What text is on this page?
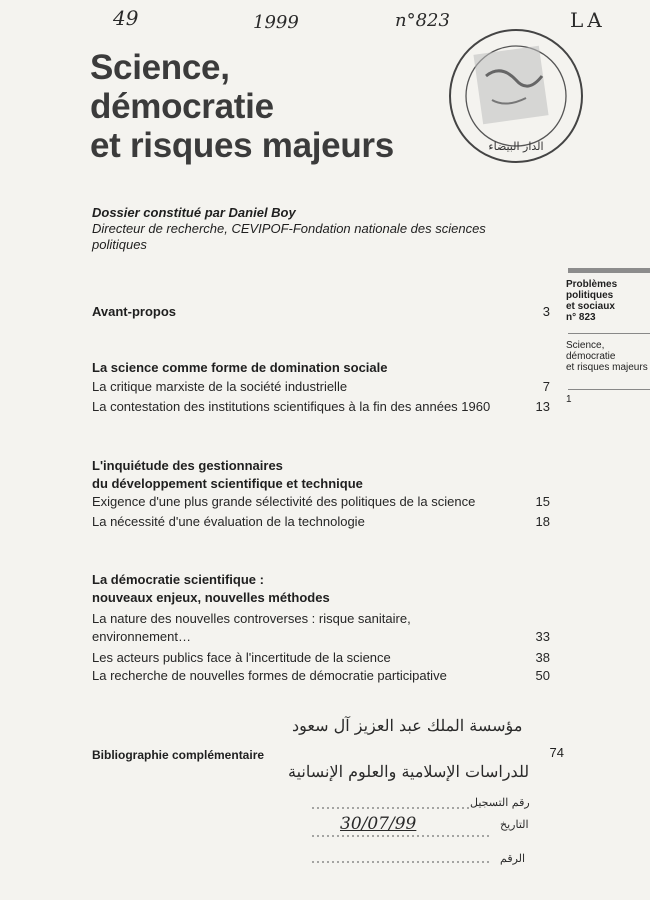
49	1999	n°823	LA
الدار البيضاء
Science,
démocratie
et risques majeurs
Dossier constitué par Daniel Boy
Directeur de recherche, CEVIPOF-Fondation nationale des sciences politiques
Avant-propos	3
La science comme forme de domination sociale
La critique marxiste de la société industrielle	7
La contestation des institutions scientifiques à la fin des années 1960	13
L'inquiétude des gestionnaires
du développement scientifique et technique
Exigence d'une plus grande sélectivité des politiques de la science	15
La nécessité d'une évaluation de la technologie	18
La démocratie scientifique :
nouveaux enjeux, nouvelles méthodes
La nature des nouvelles controverses : risque sanitaire,
environnement…	33
Les acteurs publics face à l'incertitude de la science	38
La recherche de nouvelles formes de démocratie participative	50
Bibliographie complémentaire	74
Problèmes
politiques
et sociaux
n° 823
Science,
démocratie
et risques majeurs
1
مؤسسة الملك عبد العزيز آل سعود
للدراسات الإسلامية والعلوم الإنسانية
رقم التسجيل
30/07/99	التاريخ
الرقم
